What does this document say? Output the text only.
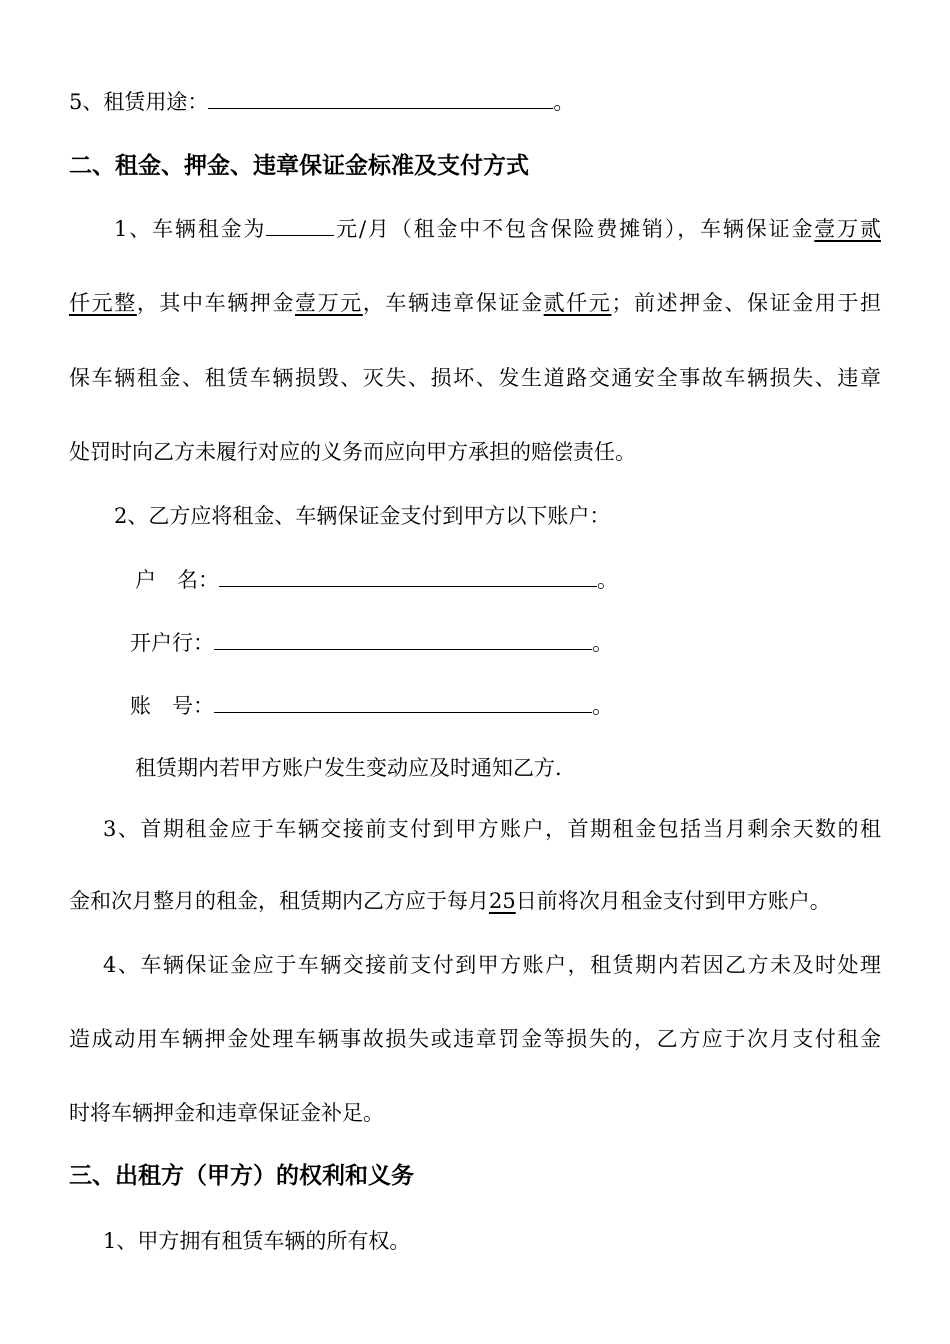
5、租赁用途：	。
二、租金、押金、违章保证金标准及支付方式
1、车辆租金为	元/月（租金中不包含保险费摊销），车辆保证金壹万贰
仟元整，其中车辆押金壹万元，车辆违章保证金贰仟元；前述押金、保证金用于担
保车辆租金、租赁车辆损毁、灭失、损坏、发生道路交通安全事故车辆损失、违章
处罚时向乙方未履行对应的义务而应向甲方承担的赔偿责任。
2、乙方应将租金、车辆保证金支付到甲方以下账户：
户　名：	。
开户行：	。
账　号：	。
租赁期内若甲方账户发生变动应及时通知乙方.
3、首期租金应于车辆交接前支付到甲方账户，首期租金包括当月剩余天数的租
金和次月整月的租金，租赁期内乙方应于每月25日前将次月租金支付到甲方账户。
4、车辆保证金应于车辆交接前支付到甲方账户，租赁期内若因乙方未及时处理
造成动用车辆押金处理车辆事故损失或违章罚金等损失的，乙方应于次月支付租金
时将车辆押金和违章保证金补足。
三、出租方（甲方）的权利和义务
1、甲方拥有租赁车辆的所有权。
